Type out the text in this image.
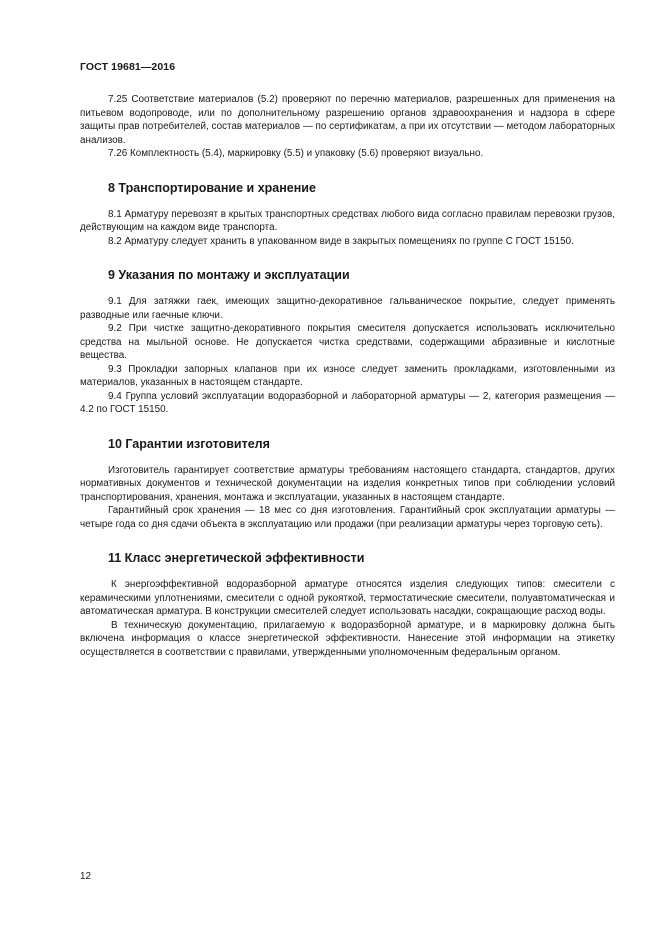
ГОСТ 19681—2016

7.25 Соответствие материалов (5.2) проверяют по перечню материалов, разрешенных для применения на питьевом водопроводе, или по дополнительному разрешению органов здравоохранения и надзора в сфере защиты прав потребителей, состав материалов — по сертификатам, а при их отсутствии — методом лабораторных анализов.

7.26 Комплектность (5.4), маркировку (5.5) и упаковку (5.6) проверяют визуально.

8 Транспортирование и хранение

8.1 Арматуру перевозят в крытых транспортных средствах любого вида согласно правилам перевозки грузов, действующим на каждом виде транспорта.

8.2 Арматуру следует хранить в упакованном виде в закрытых помещениях по группе С ГОСТ 15150.

9 Указания по монтажу и эксплуатации

9.1 Для затяжки гаек, имеющих защитно-декоративное гальваническое покрытие, следует применять разводные или гаечные ключи.

9.2 При чистке защитно-декоративного покрытия смесителя допускается использовать исключительно средства на мыльной основе. Не допускается чистка средствами, содержащими абразивные и кислотные вещества.

9.3 Прокладки запорных клапанов при их износе следует заменить прокладками, изготовленными из материалов, указанных в настоящем стандарте.

9.4 Группа условий эксплуатации водоразборной и лабораторной арматуры — 2, категория размещения — 4.2 по ГОСТ 15150.

10 Гарантии изготовителя

Изготовитель гарантирует соответствие арматуры требованиям настоящего стандарта, стандартов, других нормативных документов и технической документации на изделия конкретных типов при соблюдении условий транспортирования, хранения, монтажа и эксплуатации, указанных в настоящем стандарте.

Гарантийный срок хранения — 18 мес со дня изготовления. Гарантийный срок эксплуатации арматуры — четыре года со дня сдачи объекта в эксплуатацию или продажи (при реализации арматуры через торговую сеть).

11 Класс энергетической эффективности

К энергоэффективной водоразборной арматуре относятся изделия следующих типов: смесители с керамическими уплотнениями, смесители с одной рукояткой, термостатические смесители, полуавтоматическая и автоматическая арматура. В конструкции смесителей следует использовать насадки, сокращающие расход воды.

В техническую документацию, прилагаемую к водоразборной арматуре, и в маркировку должна быть включена информация о классе энергетической эффективности. Нанесение этой информации на этикетку осуществляется в соответствии с правилами, утвержденными уполномоченным федеральным органом.

12
